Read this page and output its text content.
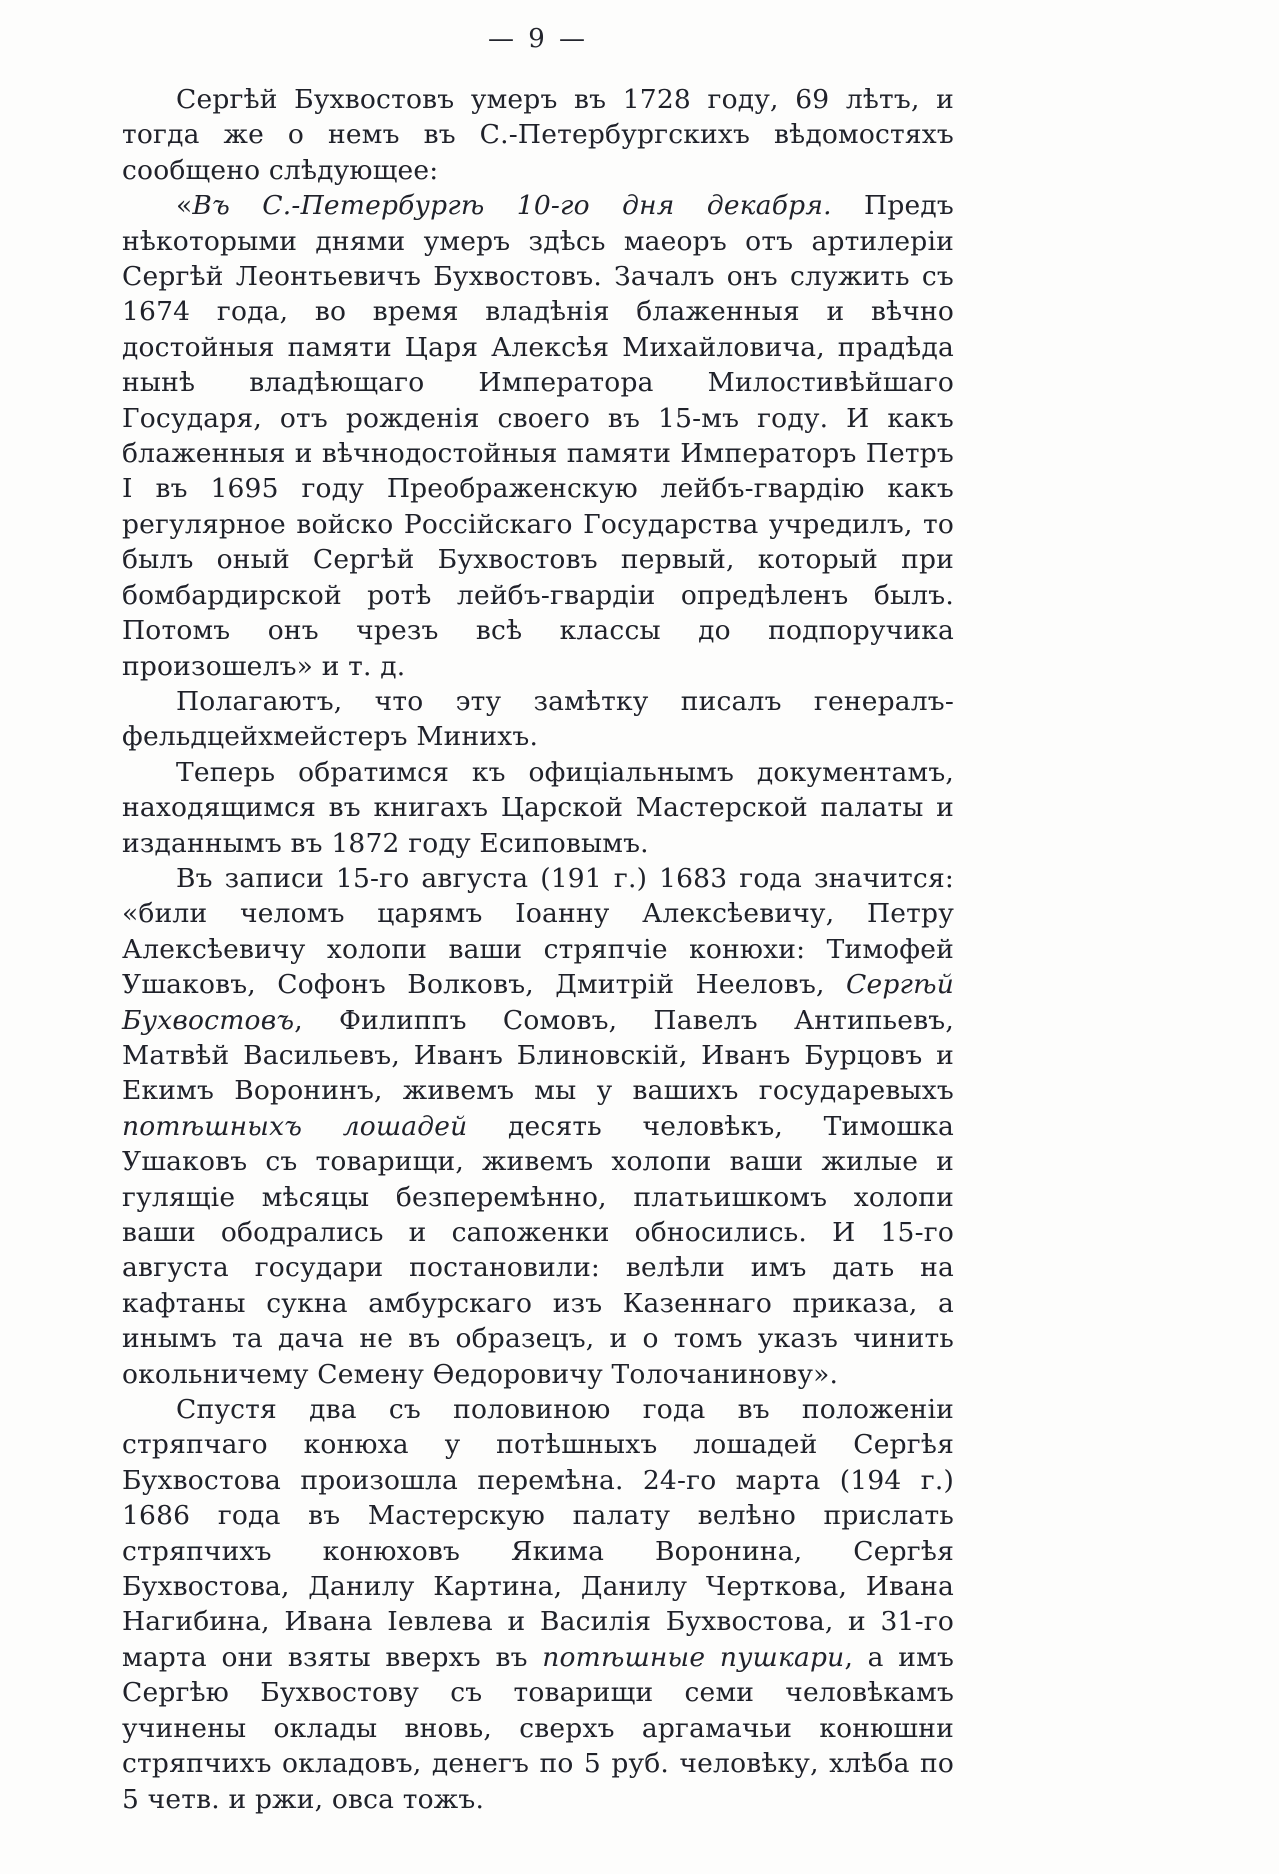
— 9 —

Сергѣй Бухвостовъ умеръ въ 1728 году, 69 лѣтъ, и тогда же о немъ въ С.-Петербургскихъ вѣдомостяхъ сообщено слѣдующее:

«Въ С.-Петербургѣ 10-го дня декабря. Предъ нѣкоторыми днями умеръ здѣсь маеоръ отъ артилеріи Сергѣй Леонтьевичъ Бухвостовъ. Зачалъ онъ служить съ 1674 года, во время владѣнія блаженныя и вѣчно достойныя памяти Царя Алексѣя Михайловича, прадѣда нынѣ владѣющаго Императора Милостивѣйшаго Государя, отъ рожденія своего въ 15-мъ году. И какъ блаженныя и вѣчнодостойныя памяти Императоръ Петръ I въ 1695 году Преображенскую лейбъ-гвардію какъ регулярное войско Россійскаго Государства учредилъ, то былъ оный Сергѣй Бухвостовъ первый, который при бомбардирской ротѣ лейбъ-гвардіи опредѣленъ былъ. Потомъ онъ чрезъ всѣ классы до подпоручика произошелъ» и т. д.

Полагаютъ, что эту замѣтку писалъ генералъ-фельдцейхмейстеръ Минихъ.

Теперь обратимся къ офиціальнымъ документамъ, находящимся въ книгахъ Царской Мастерской палаты и изданнымъ въ 1872 году Есиповымъ.

Въ записи 15-го августа (191 г.) 1683 года значится: «били челомъ царямъ Іоанну Алексѣевичу, Петру Алексѣевичу холопи ваши стряпчіе конюхи: Тимофей Ушаковъ, Софонъ Волковъ, Дмитрій Нееловъ, Сергѣй Бухвостовъ, Филиппъ Сомовъ, Павелъ Антипьевъ, Матвѣй Васильевъ, Иванъ Блиновскій, Иванъ Бурцовъ и Екимъ Воронинъ, живемъ мы у вашихъ государевыхъ потѣшныхъ лошадей десять человѣкъ, Тимошка Ушаковъ съ товарищи, живемъ холопи ваши жилые и гулящіе мѣсяцы безперемѣнно, платьишкомъ холопи ваши ободрались и сапоженки обносились. И 15-го августа государи постановили: велѣли имъ дать на кафтаны сукна амбурскаго изъ Казеннаго приказа, а инымъ та дача не въ образецъ, и о томъ указъ чинить окольничему Семену Ѳедоровичу Толочанинову».

Спустя два съ половиною года въ положеніи стряпчаго конюха у потѣшныхъ лошадей Сергѣя Бухвостова произошла перемѣна. 24-го марта (194 г.) 1686 года въ Мастерскую палату велѣно прислать стряпчихъ конюховъ Якима Воронина, Сергѣя Бухвостова, Данилу Картина, Данилу Черткова, Ивана Нагибина, Ивана Іевлева и Василія Бухвостова, и 31-го марта они взяты вверхъ въ потѣшные пушкари, а имъ Сергѣю Бухвостову съ товарищи семи человѣкамъ учинены оклады вновь, сверхъ аргамачьи конюшни стряпчихъ окладовъ, денегъ по 5 руб. человѣку, хлѣба по 5 четв. и ржи, овса тожъ.
